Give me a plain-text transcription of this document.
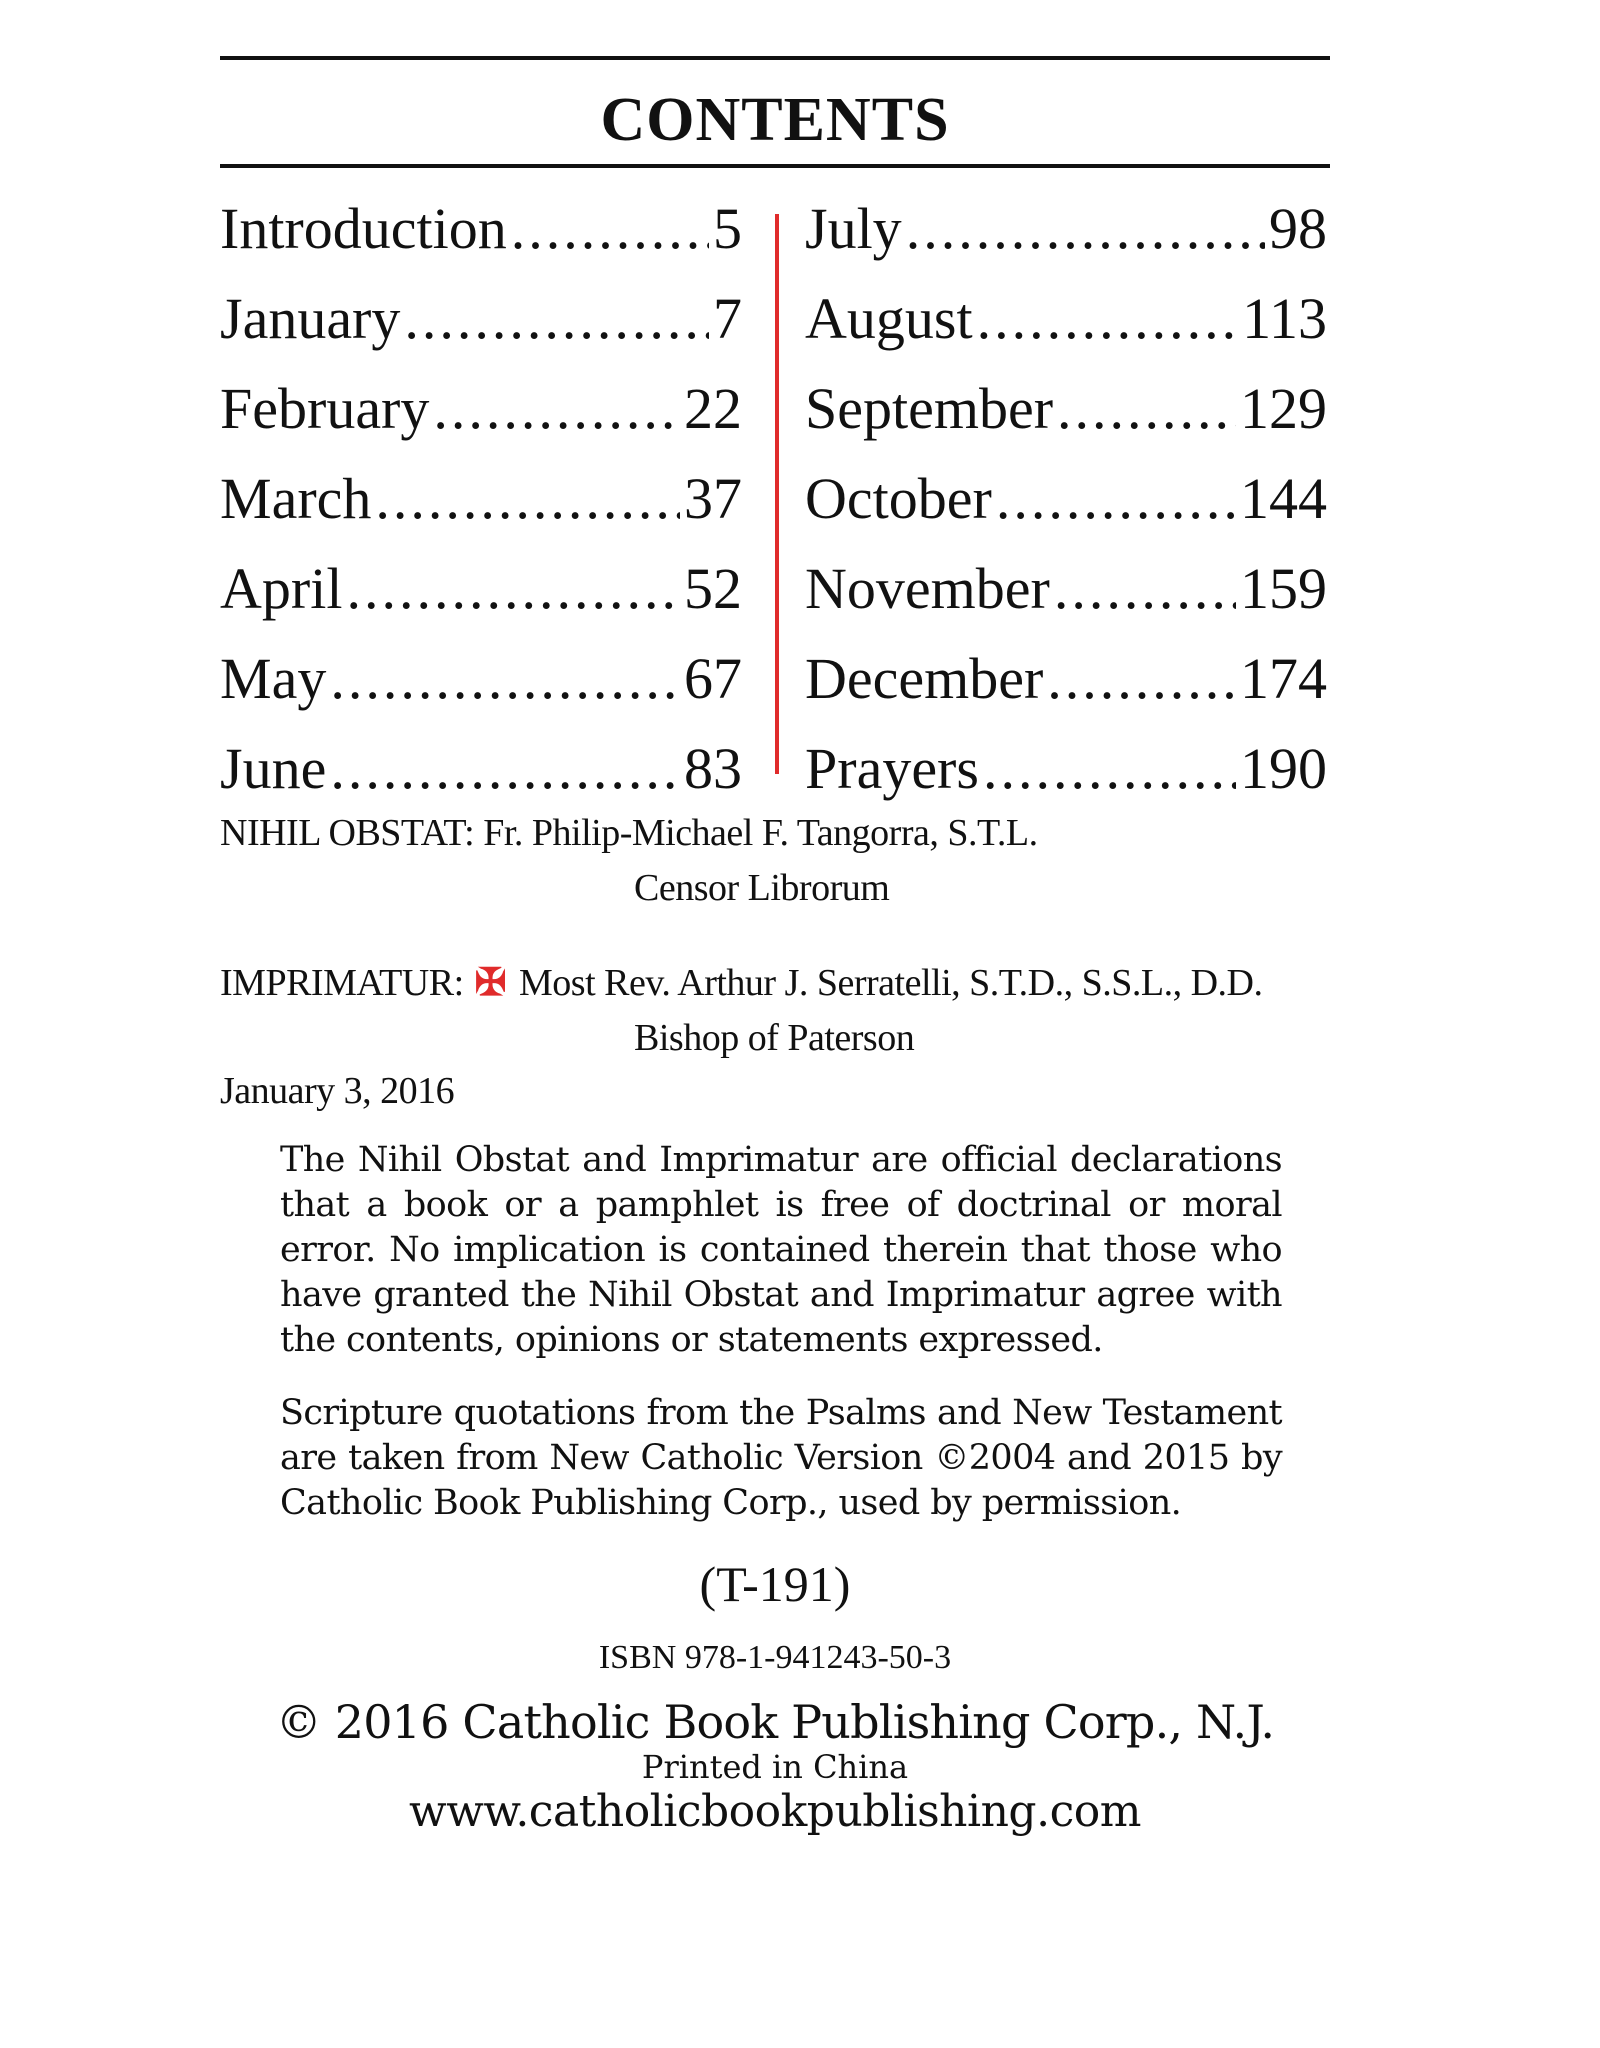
CONTENTS
Introduction .....	5
January .....	7
February .....	22
March .....	37
April .....	52
May .....	67
June .....	83
July .....	98
August .....	113
September .....	129
October .....	144
November .....	159
December .....	174
Prayers .....	190
NIHIL OBSTAT: Fr. Philip-Michael F. Tangorra, S.T.L.
Censor Librorum
IMPRIMATUR: ✠ Most Rev. Arthur J. Serratelli, S.T.D., S.S.L., D.D.
Bishop of Paterson
January 3, 2016

The Nihil Obstat and Imprimatur are official declarations that a book or a pamphlet is free of doctrinal or moral error. No implication is contained therein that those who have granted the Nihil Obstat and Imprimatur agree with the contents, opinions or statements expressed.

Scripture quotations from the Psalms and New Testament are taken from New Catholic Version ©2004 and 2015 by Catholic Book Publishing Corp., used by permission.

(T-191)
ISBN 978-1-941243-50-3
© 2016 Catholic Book Publishing Corp., N.J.
Printed in China
www.catholicbookpublishing.com
